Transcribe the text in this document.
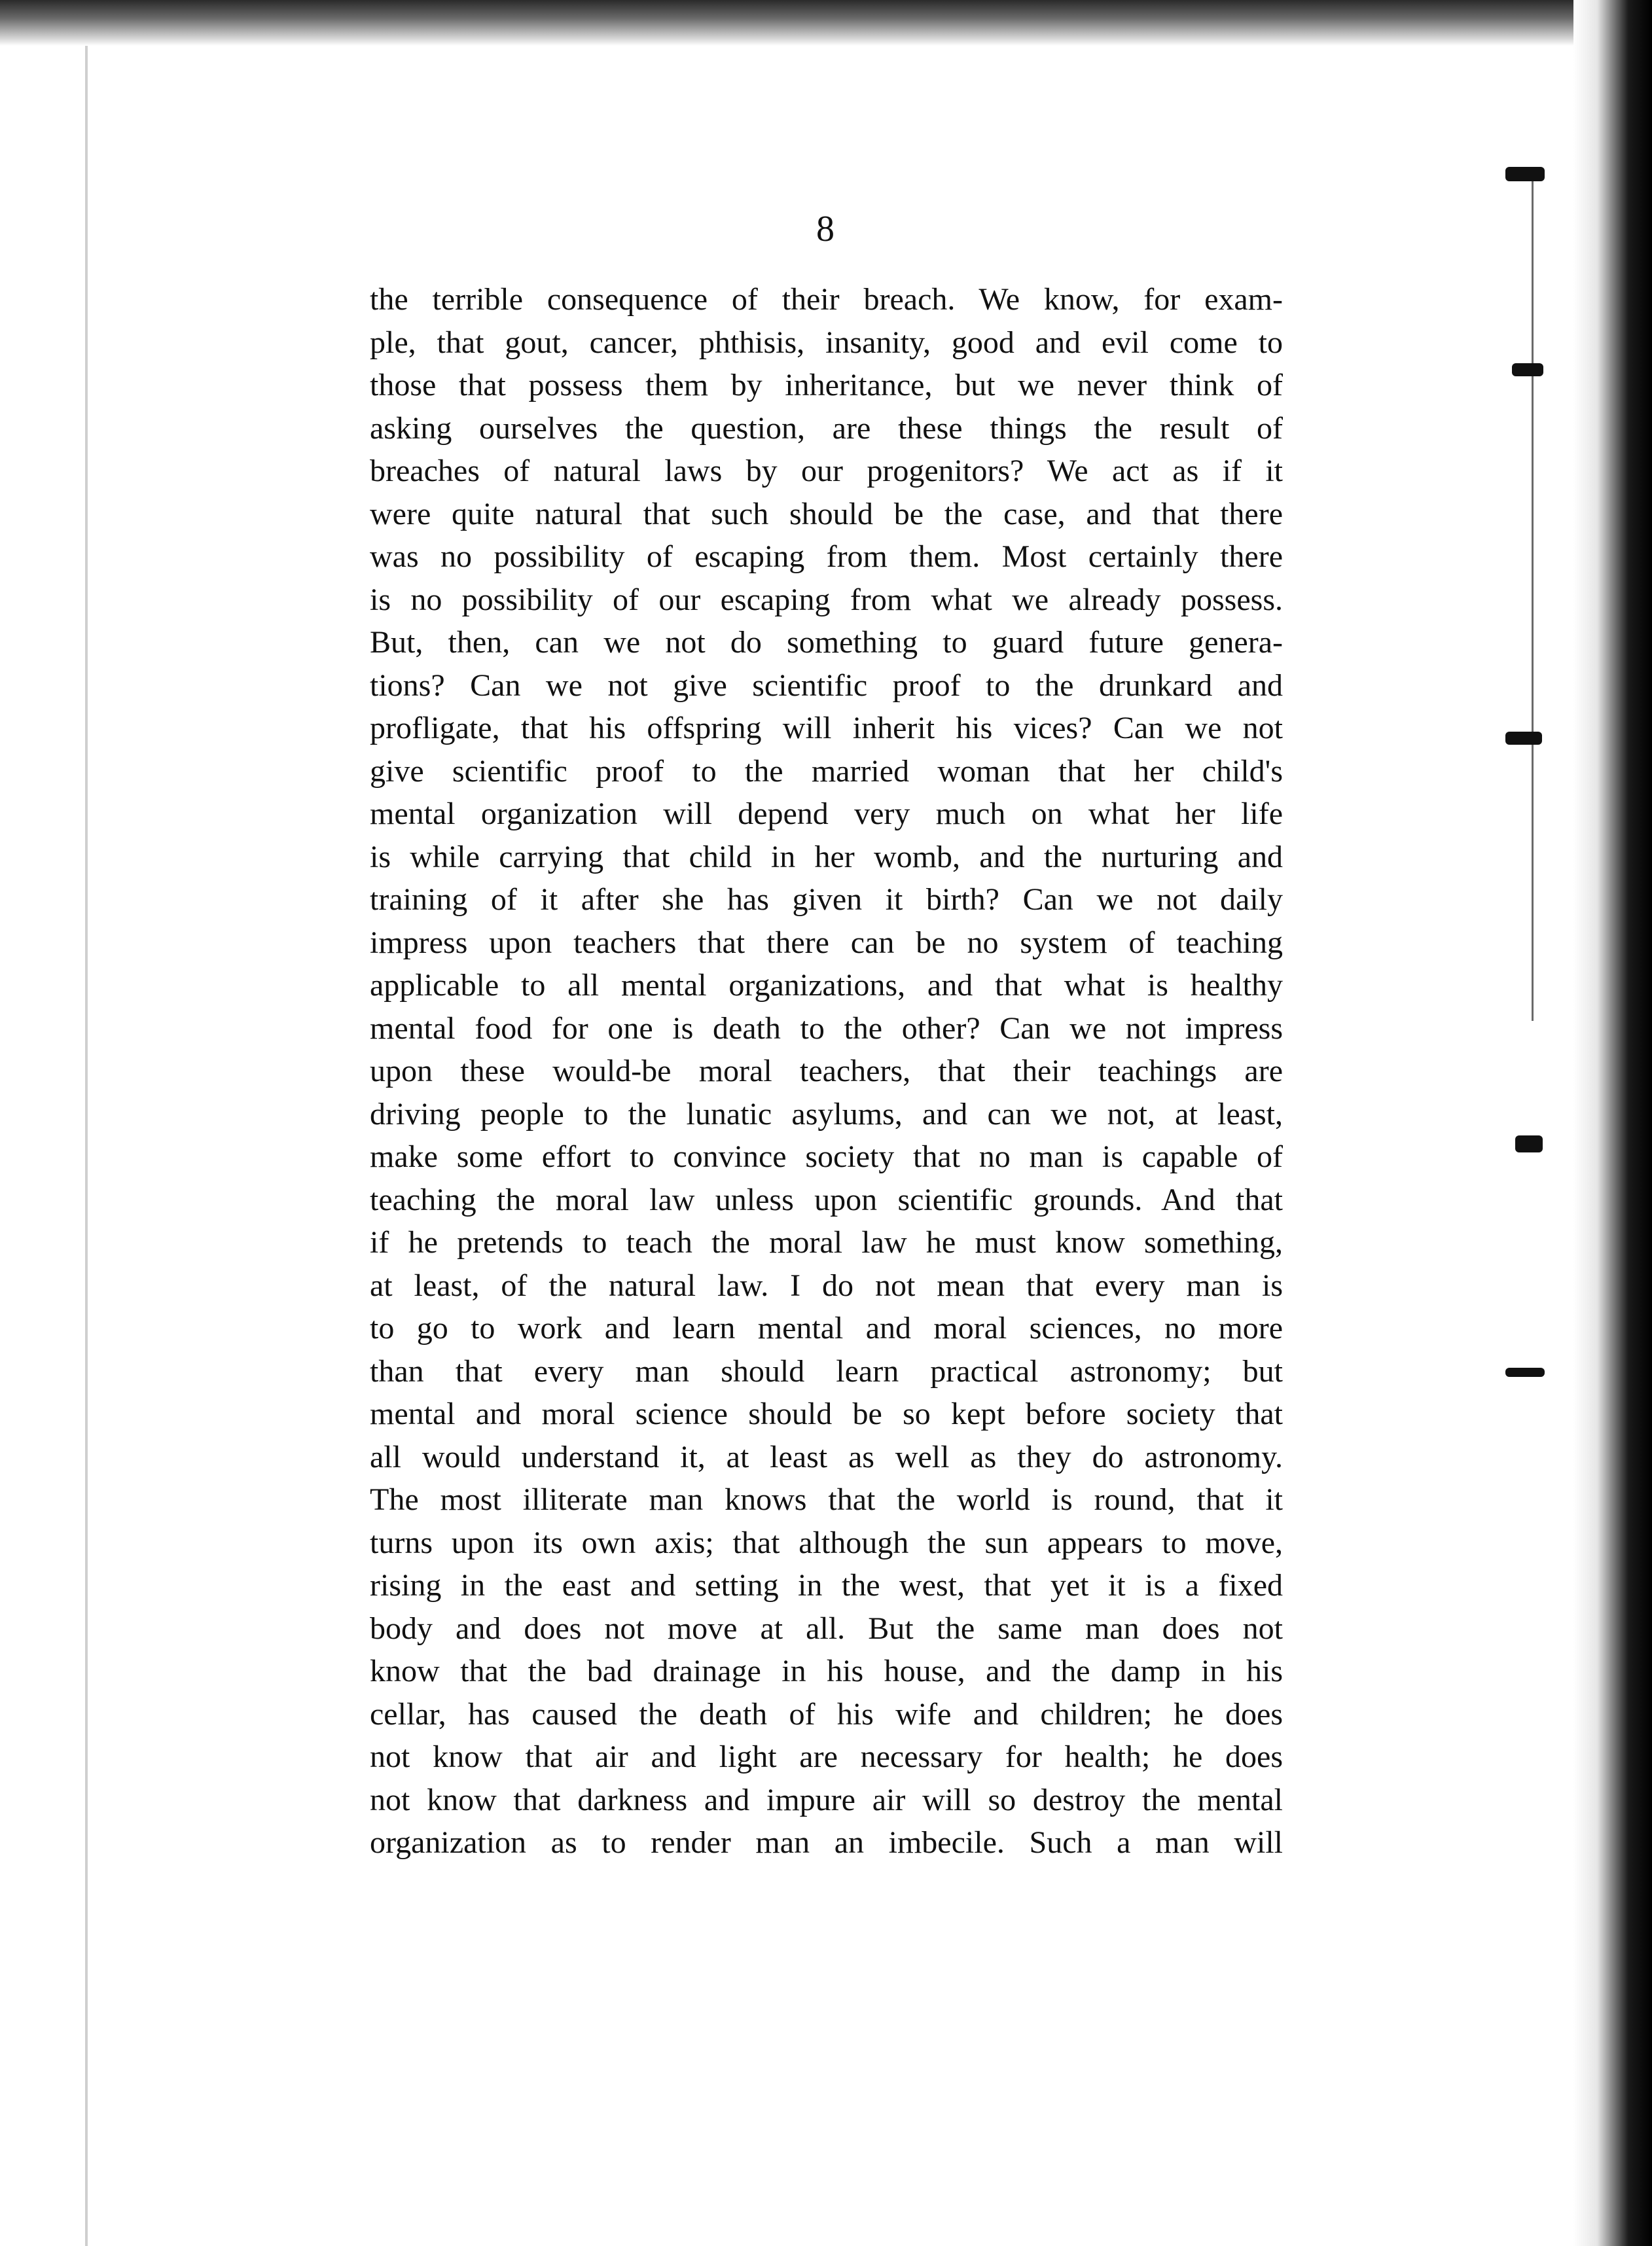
8
the terrible consequence of their breach. We know, for exam-
ple, that gout, cancer, phthisis, insanity, good and evil come to
those that possess them by inheritance, but we never think of
asking ourselves the question, are these things the result of
breaches of natural laws by our progenitors? We act as if it
were quite natural that such should be the case, and that there
was no possibility of escaping from them. Most certainly there
is no possibility of our escaping from what we already possess.
But, then, can we not do something to guard future genera-
tions? Can we not give scientific proof to the drunkard and
profligate, that his offspring will inherit his vices? Can we not
give scientific proof to the married woman that her child's
mental organization will depend very much on what her life
is while carrying that child in her womb, and the nurturing and
training of it after she has given it birth? Can we not daily
impress upon teachers that there can be no system of teaching
applicable to all mental organizations, and that what is healthy
mental food for one is death to the other? Can we not impress
upon these would-be moral teachers, that their teachings are
driving people to the lunatic asylums, and can we not, at least,
make some effort to convince society that no man is capable of
teaching the moral law unless upon scientific grounds. And that
if he pretends to teach the moral law he must know something,
at least, of the natural law. I do not mean that every man is
to go to work and learn mental and moral sciences, no more
than that every man should learn practical astronomy; but
mental and moral science should be so kept before society that
all would understand it, at least as well as they do astronomy.
The most illiterate man knows that the world is round, that it
turns upon its own axis; that although the sun appears to move,
rising in the east and setting in the west, that yet it is a fixed
body and does not move at all. But the same man does not
know that the bad drainage in his house, and the damp in his
cellar, has caused the death of his wife and children; he does
not know that air and light are necessary for health; he does
not know that darkness and impure air will so destroy the mental
organization as to render man an imbecile. Such a man will
